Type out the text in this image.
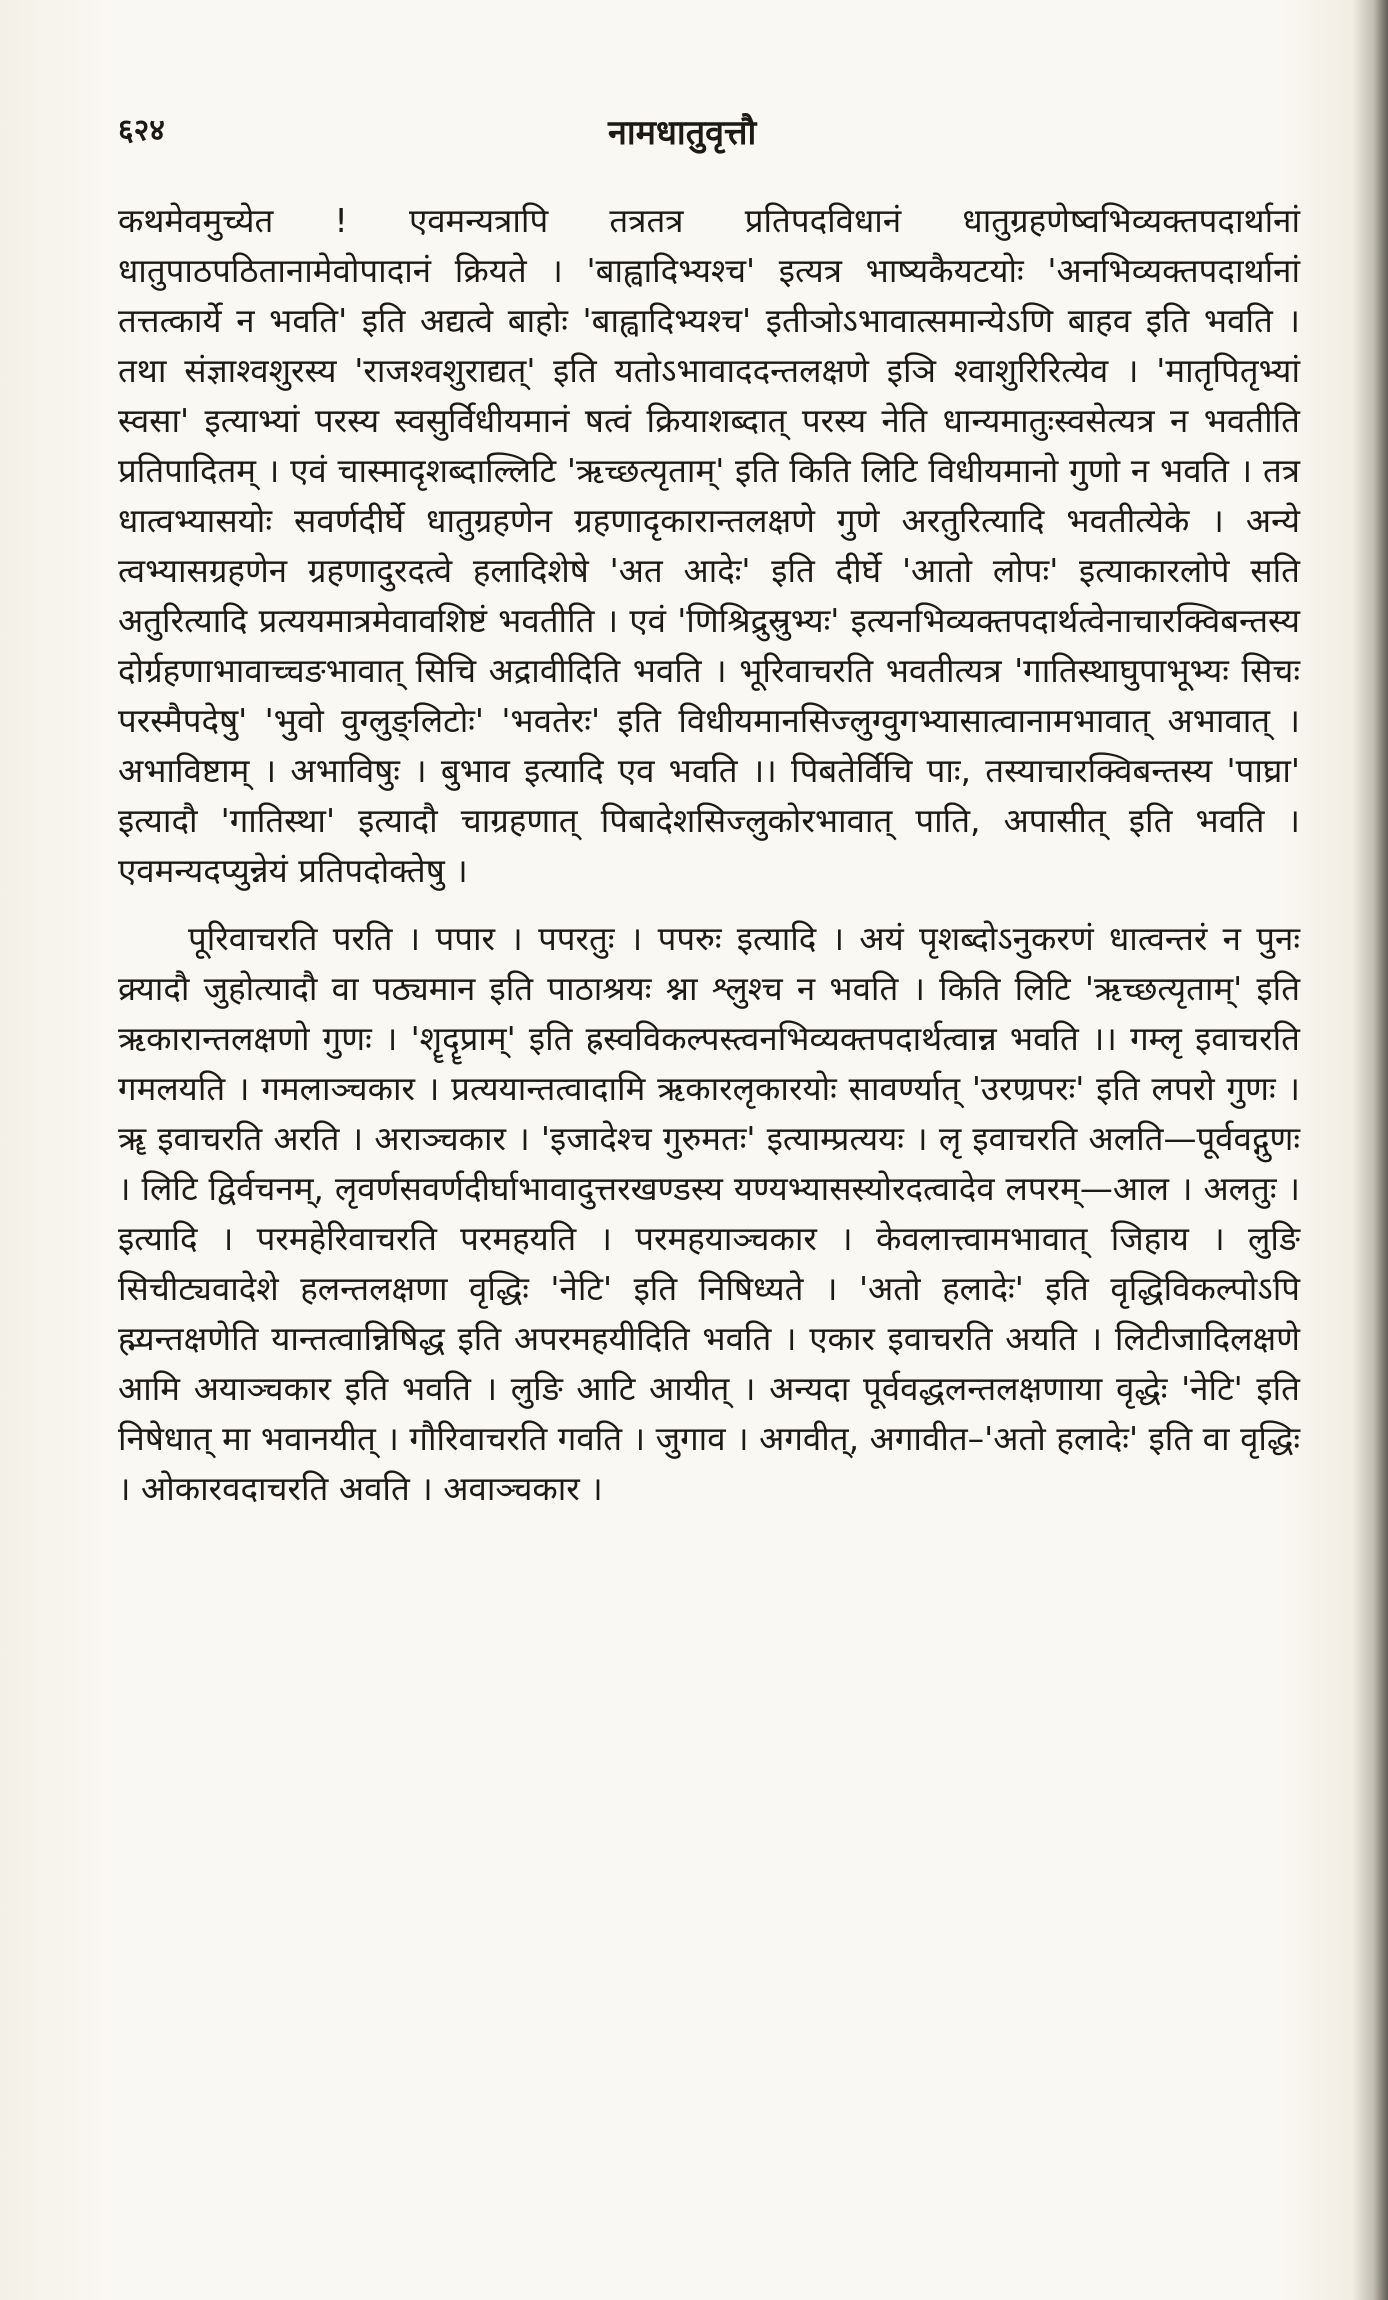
६२४	नामधातुवृत्तौ

कथमेवमुच्येत ! एवमन्यत्रापि तत्रतत्र प्रतिपदविधानं धातुग्रहणेष्वभिव्यक्तपदार्थानां धातुपाठपठितानामेवोपादानं क्रियते । 'बाह्वादिभ्यश्च' इत्यत्र भाष्यकैयटयोः 'अनभिव्यक्तपदार्थानां तत्तत्कार्ये न भवति' इति अद्यत्वे बाहोः 'बाह्वादिभ्यश्च' इतीञोऽभावात्समान्येऽणि बाहव इति भवति । तथा संज्ञाश्वशुरस्य 'राजश्वशुराद्यत्' इति यतोऽभावाददन्तलक्षणे इञि श्वाशुरिरित्येव । 'मातृपितृभ्यां स्वसा' इत्याभ्यां परस्य स्वसुर्विधीयमानं षत्वं क्रियाशब्दात् परस्य नेति धान्यमातुःस्वसेत्यत्र न भवतीति प्रतिपादितम् । एवं चास्मादृशब्दाल्लिटि 'ऋच्छत्यृताम्' इति किति लिटि विधीयमानो गुणो न भवति । तत्र धात्वभ्यासयोः सवर्णदीर्घे धातुग्रहणेन ग्रहणादृकारान्तलक्षणे गुणे अरतुरित्यादि भवतीत्येके । अन्ये त्वभ्यासग्रहणेन ग्रहणादुरदत्वे हलादिशेषे 'अत आदेः' इति दीर्घे 'आतो लोपः' इत्याकारलोपे सति अतुरित्यादि प्रत्ययमात्रमेवावशिष्टं भवतीति । एवं 'णिश्रिद्रुस्रुभ्यः' इत्यनभिव्यक्तपदार्थत्वेनाचारक्विबन्तस्य दोर्ग्रहणाभावाच्चङभावात् सिचि अद्रावीदिति भवति । भूरिवाचरति भवतीत्यत्र 'गातिस्थाघुपाभूभ्यः सिचः परस्मैपदेषु' 'भुवो वुग्लुङ्लिटोः' 'भवतेरः' इति विधीयमानसिज्लुग्वुगभ्यासात्वानामभावात् अभावात् । अभाविष्टाम् । अभाविषुः । बुभाव इत्यादि एव भवति ।। पिबतेर्विचि पाः, तस्याचारक्विबन्तस्य 'पाघ्रा' इत्यादौ 'गातिस्था' इत्यादौ चाग्रहणात् पिबादेशसिज्लुकोरभावात् पाति, अपासीत् इति भवति । एवमन्यदप्युन्नेयं प्रतिपदोक्तेषु ।

पूरिवाचरति परति । पपार । पपरतुः । पपरुः इत्यादि । अयं पृशब्दोऽनुकरणं धात्वन्तरं न पुनः क्र्यादौ जुहोत्यादौ वा पठ्यमान इति पाठाश्रयः श्ना श्लुश्च न भवति । किति लिटि 'ऋच्छत्यृताम्' इति ऋकारान्तलक्षणो गुणः । 'शॄदॄप्राम्' इति ह्रस्वविकल्पस्त्वनभिव्यक्तपदार्थत्वान्न भवति ।। गम्लृ इवाचरति गमलयति । गमलाञ्चकार । प्रत्ययान्तत्वादामि ऋकारलृकारयोः सावर्ण्यात् 'उरण्रपरः' इति लपरो गुणः । ॠ इवाचरति अरति । अराञ्चकार । 'इजादेश्च गुरुमतः' इत्याम्प्रत्ययः । लृ इवाचरति अलति—पूर्ववद्गुणः । लिटि द्विर्वचनम्, लृवर्णसवर्णदीर्घाभावादुत्तरखण्डस्य यण्यभ्यासस्योरदत्वादेव लपरम्—आल । अलतुः । इत्यादि । परमहेरिवाचरति परमहयति । परमहयाञ्चकार । केवलात्त्वामभावात् जिहाय । लुङि सिचीट्यवादेशे हलन्तलक्षणा वृद्धिः 'नेटि' इति निषिध्यते । 'अतो हलादेः' इति वृद्धिविकल्पोऽपि ह्म्यन्तक्षणेति यान्तत्वान्निषिद्ध इति अपरमहयीदिति भवति । एकार इवाचरति अयति । लिटीजादिलक्षणे आमि अयाञ्चकार इति भवति । लुङि आटि आयीत् । अन्यदा पूर्ववद्धलन्तलक्षणाया वृद्धेः 'नेटि' इति निषेधात् मा भवानयीत् । गौरिवाचरति गवति । जुगाव । अगवीत्, अगावीत–'अतो हलादेः' इति वा वृद्धिः । ओकारवदाचरति अवति । अवाञ्चकार ।
